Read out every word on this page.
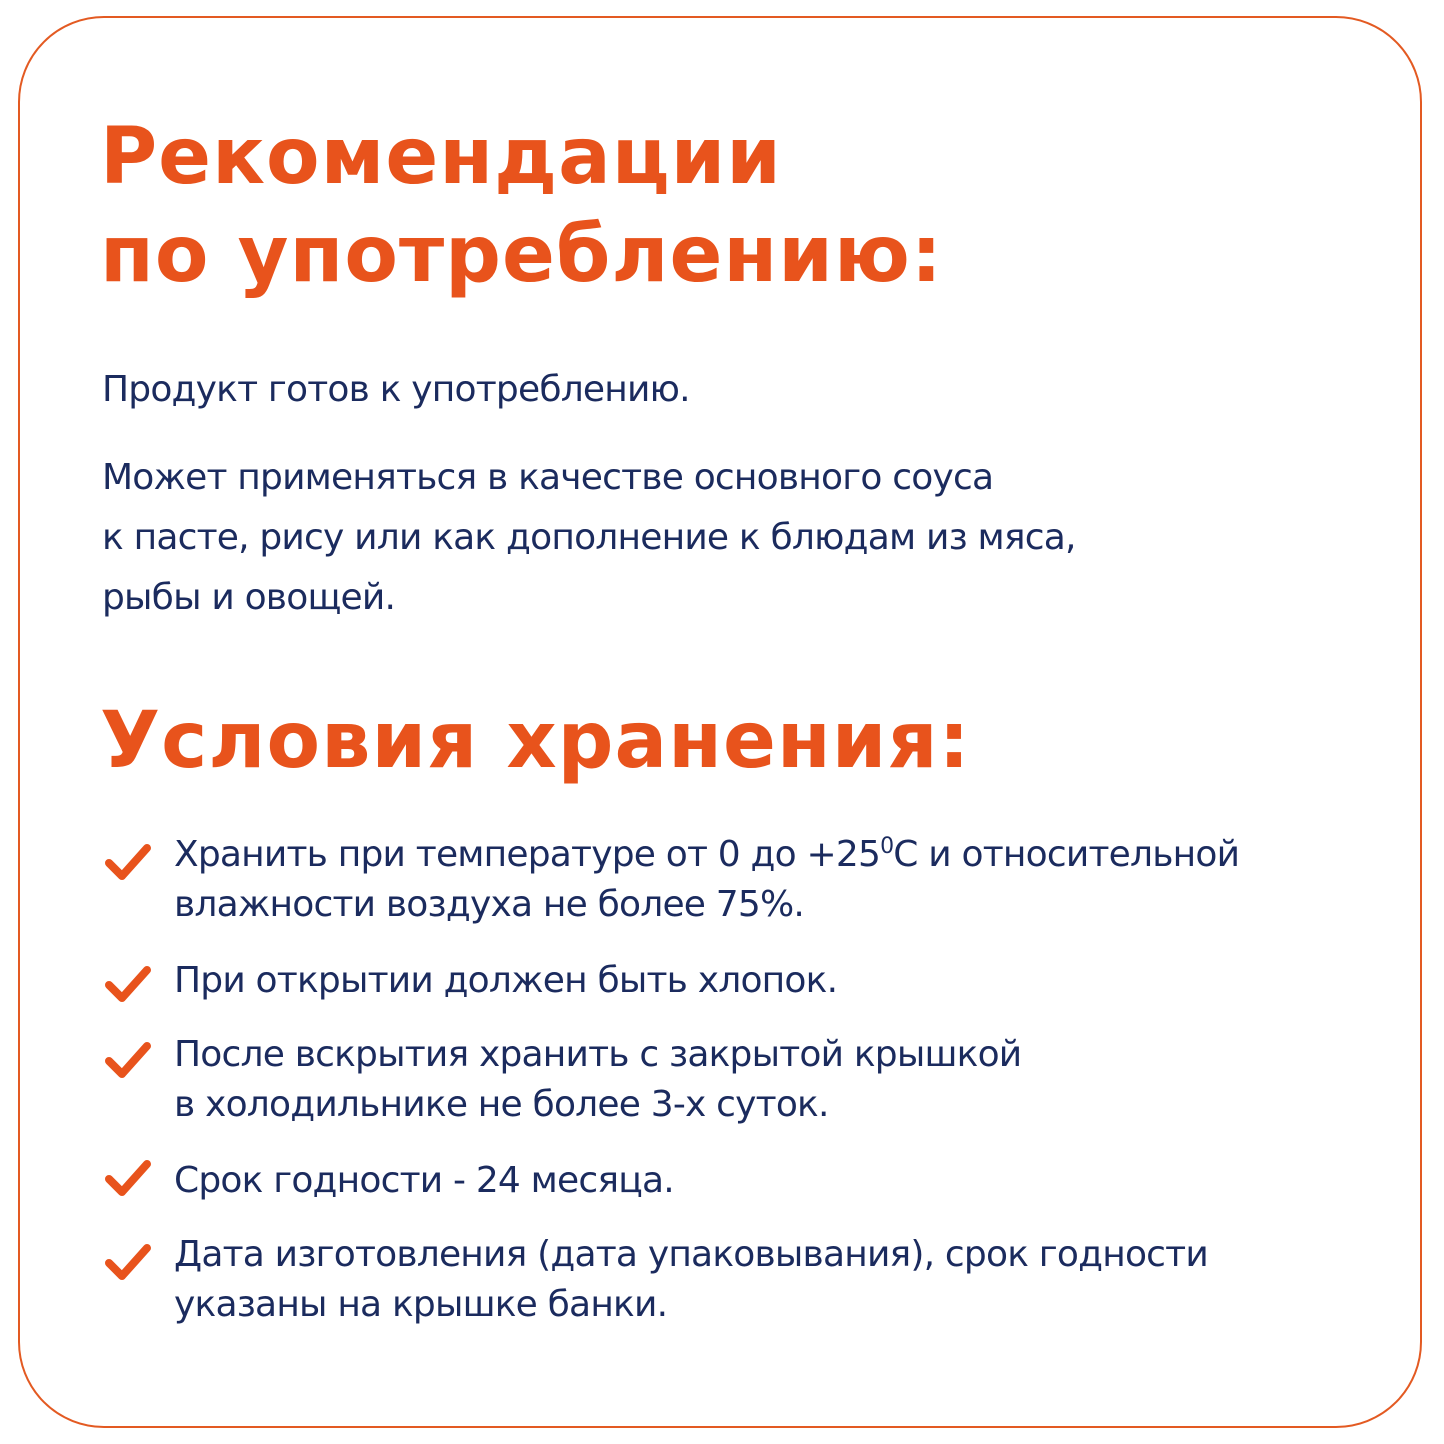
Рекомендации
по употреблению:

Продукт готов к употреблению.

Может применяться в качестве основного соуса
к пасте, рису или как дополнение к блюдам из мяса,
рыбы и овощей.

Условия хранения:
Хранить при температуре от 0 до $+25^0С$ и относительной
влажности воздуха не более 75%.
При открытии должен быть хлопок.
После вскрытия хранить с закрытой крышкой
в холодильнике не более 3-х суток.
Срок годности - 24 месяца.
Дата изготовления (дата упаковывания), срок годности
указаны на крышке банки.
